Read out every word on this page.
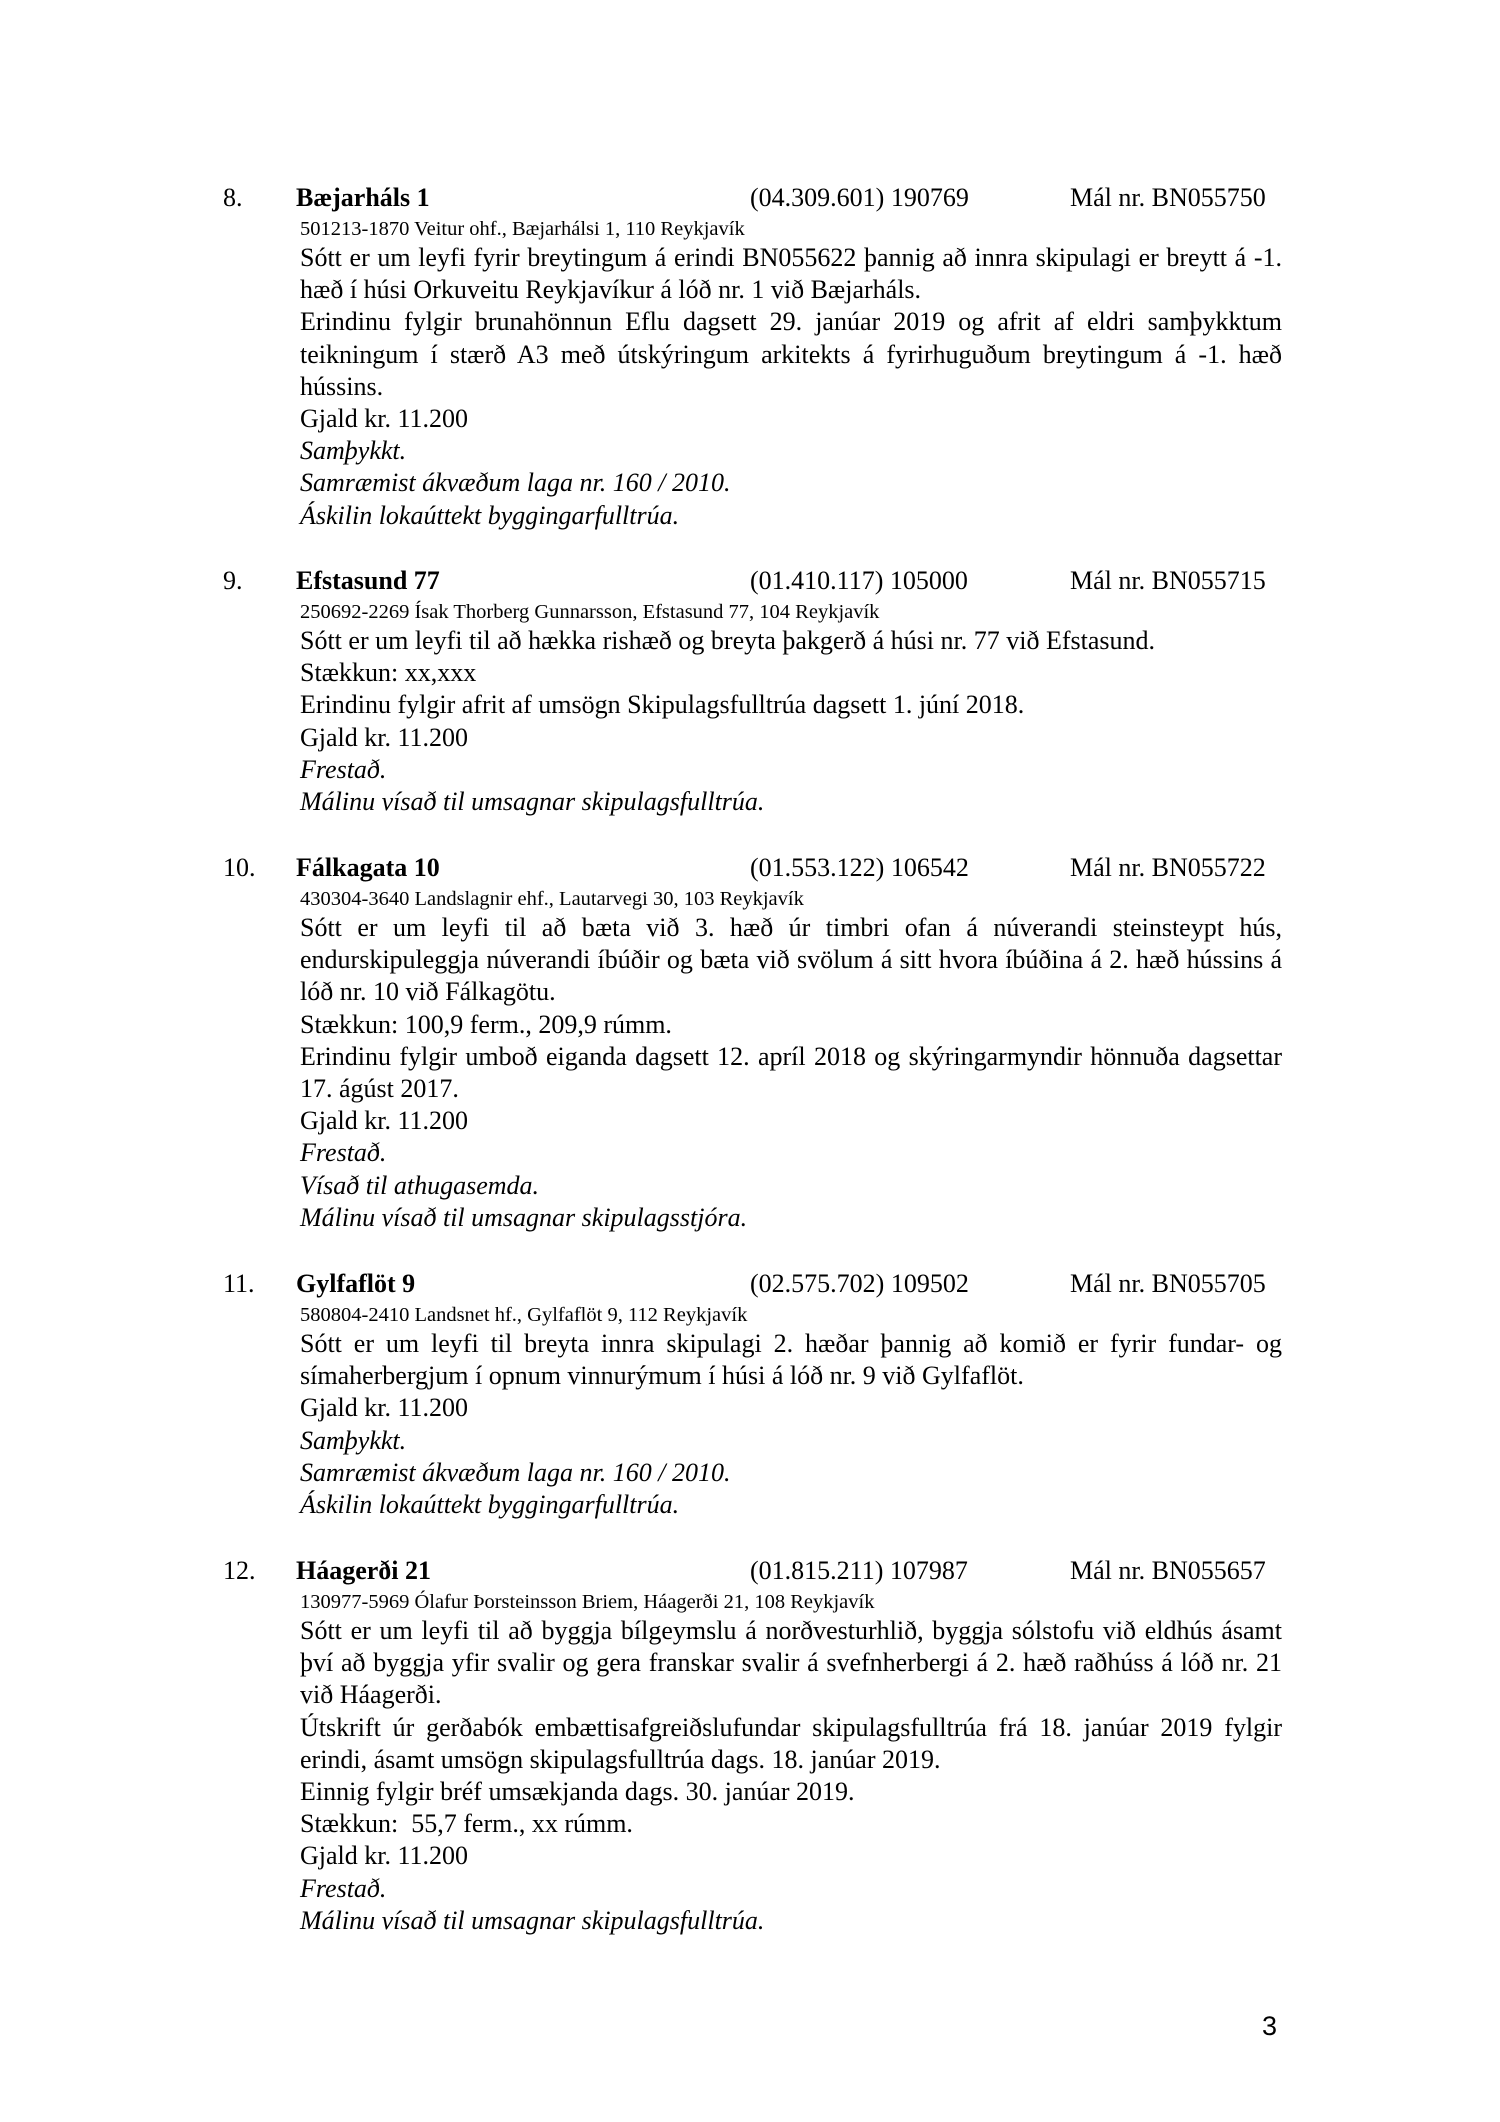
8. Bæjarháls 1	(04.309.601) 190769	Mál nr. BN055750
501213-1870 Veitur ohf., Bæjarhálsi 1, 110 Reykjavík

Sótt er um leyfi fyrir breytingum á erindi BN055622 þannig að innra skipulagi er breytt á -1. hæð í húsi Orkuveitu Reykjavíkur á lóð nr. 1 við Bæjarháls.

Erindinu fylgir brunahönnun Eflu dagsett 29. janúar 2019 og afrit af eldri samþykktum teikningum í stærð A3 með útskýringum arkitekts á fyrirhuguðum breytingum á -1. hæð hússins.

Gjald kr. 11.200

Samþykkt.

Samræmist ákvæðum laga nr. 160 / 2010.

Áskilin lokaúttekt byggingarfulltrúa.

9. Efstasund 77	(01.410.117) 105000	Mál nr. BN055715
250692-2269 Ísak Thorberg Gunnarsson, Efstasund 77, 104 Reykjavík

Sótt er um leyfi til að hækka rishæð og breyta þakgerð á húsi nr. 77 við Efstasund.

Stækkun: xx,xxx

Erindinu fylgir afrit af umsögn Skipulagsfulltrúa dagsett 1. júní 2018.

Gjald kr. 11.200

Frestað.

Málinu vísað til umsagnar skipulagsfulltrúa.

10. Fálkagata 10	(01.553.122) 106542	Mál nr. BN055722
430304-3640 Landslagnir ehf., Lautarvegi 30, 103 Reykjavík

Sótt er um leyfi til að bæta við 3. hæð úr timbri ofan á núverandi steinsteypt hús, endurskipuleggja núverandi íbúðir og bæta við svölum á sitt hvora íbúðina á 2. hæð hússins á lóð nr. 10 við Fálkagötu.

Stækkun: 100,9 ferm., 209,9 rúmm.

Erindinu fylgir umboð eiganda dagsett 12. apríl 2018 og skýringarmyndir hönnuða dagsettar 17. ágúst 2017.

Gjald kr. 11.200

Frestað.

Vísað til athugasemda.

Málinu vísað til umsagnar skipulagsstjóra.

11. Gylfaflöt 9	(02.575.702) 109502	Mál nr. BN055705
580804-2410 Landsnet hf., Gylfaflöt 9, 112 Reykjavík

Sótt er um leyfi til breyta innra skipulagi 2. hæðar þannig að komið er fyrir fundar- og símaherbergjum í opnum vinnurýmum í húsi á lóð nr. 9 við Gylfaflöt.

Gjald kr. 11.200

Samþykkt.

Samræmist ákvæðum laga nr. 160 / 2010.

Áskilin lokaúttekt byggingarfulltrúa.

12. Háagerði 21	(01.815.211) 107987	Mál nr. BN055657
130977-5969 Ólafur Þorsteinsson Briem, Háagerði 21, 108 Reykjavík

Sótt er um leyfi til að byggja bílgeymslu á norðvesturhlið, byggja sólstofu við eldhús ásamt því að byggja yfir svalir og gera franskar svalir á svefnherbergi á 2. hæð raðhúss á lóð nr. 21 við Háagerði.

Útskrift úr gerðabók embættisafgreiðslufundar skipulagsfulltrúa frá 18. janúar 2019 fylgir erindi, ásamt umsögn skipulagsfulltrúa dags. 18. janúar 2019.

Einnig fylgir bréf umsækjanda dags. 30. janúar 2019.

Stækkun:  55,7 ferm., xx rúmm.

Gjald kr. 11.200

Frestað.

Málinu vísað til umsagnar skipulagsfulltrúa.

3
